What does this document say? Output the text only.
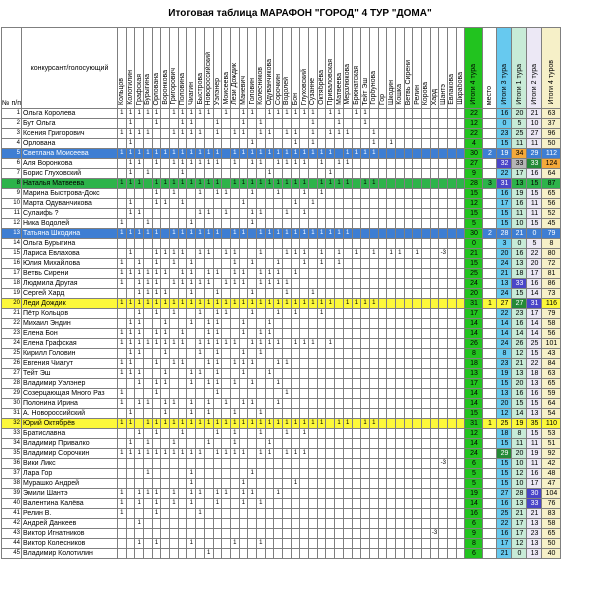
Итоговая таблица МАРАФОН "ГОРОД" 4 ТУР "ДОМА"
№ п/п	конкурсант/голосующий	Кольцов	Колотилин	Графская	Бурыгина	Орлована	Воронкова	Григорович	Половина	Чиагин	Быстрова	Новороссийский	Уэлэнер	Моисеева	Лези Дождик	Маневич	Головин	Колесников	Одуванчикова	Сорочкин	Водолей	Бон	Глуховский	Сузанне	Октябрёва	Приваловская	Матвеева	Мерзлюкова	Брюнатская	Тейт Эш	Горбунова	Гор	Шкодин	Кошка	Ветвь Сирени	Релин	Корова	Хард	Шантэ	Евлакова	Шкрабова	Итоги 4 тура	место	Итоги 3 тура	Итоги 1 тура	Итоги 2 тура	Итоги 4 туров
1	Ольга Королева	1	1	1	1	1		1	1	1	1	1		1		1	1		1	1	1	1	1	1		1	1		1	1												22		16	20	21	63
2	Бут Ольга		1			1			1	1			1			1		1						1			1			1												12		0	5	10	37
3	Ксения Григорович	1	1	1	1			1	1	1	1		1		1	1		1	1		1	1		1		1	1	1			1											22		23	25	27	96
4	Орлована		1														1					1		1							1		1									4		15	11	11	50
5	Светлана Моисеева	1	1	1	1	1	1	1	1	1	1	1	1		1	1	1	1	1	1	1	1	1	1	1	1		1	1	1	1											30	2	19	34	29	112
6	Аля Воронкова		1	1		1		1	1	1	1	1	1		1		1	1		1	1	1	1		1		1	1														27		32	33	33	124
7	Борис Глуховский		1		1				1										1							1																9		22	17	16	64
8	Наталья Матвеева	1	1	1		1	1	1	1	1	1	1	1		1	1	1	1	1	1	1	1	1		1	1	1	1		1	1											28	3	31	13	15	87
9	Марина Быстрова-Докс					1		1			1		1	1			1			1			1		1																	15		16	19	15	65
10	Марта Одуванчикова		1			1	1		1							1						1		1																		12		17	16	11	56
11	Сулаифь ?		1	1							1	1		1			1	1			1		1																			15		15	11	11	52
12	Ника Водолей	1			1					1							1																									5		15	10	15	45
13	Татьяна Шкодина	1	1	1	1	1		1	1	1	1	1	1		1	1		1	1	1	1	1	1	1	1	1	1	1														30	2	28	21	0	79
14	Ольга Бурыгина																																									0		3	0	5	8
15	Лариса Евлахова		1			1	1	1	1		1	1		1	1			1			1	1	1		1		1		1		1		1	1		1			-3			21		20	16	22	80
16	Юлия Михайлова	1		1		1		1		1					1		1			1			1		1		1															15		24	13	20	72
17	Ветвь Сирени	1	1	1	1	1	1		1	1		1	1		1	1		1	1	1		1																				25		21	18	17	81
18	Людмила Другая	1		1	1	1		1	1	1	1	1		1	1	1		1	1	1	1																					24		13	33	16	86
19	Сергей Хард			1	1	1	1			1			1				1				1			1																		20		24	15	14	73
20	Леди Дождик	1	1	1	1	1	1	1	1	1	1	1	1	1	1	1	1	1	1	1	1	1	1	1	1	1		1	1	1	1											31	1	27	27	31	116
21	Пётр Кольцов			1		1		1			1		1	1			1			1		1			1																	17		22	23	17	79
22	Михаил Эндин		1	1			1			1		1	1			1			1																							14		14	16	14	58
23	Елена Бон	1	1	1		1	1		1			1	1			1		1	1																							14		14	14	14	56
24	Елена Графская	1	1	1	1	1	1	1	1		1	1	1	1	1		1	1	1	1		1	1	1		1																26		24	26	25	101
25	Кирилл Головин		1	1			1				1		1			1		1																								8		8	12	15	43
26	Евгения Чиагут	1	1			1		1	1			1	1		1	1	1			1	1																					18		23	21	22	84
27	Тейт Эш	1	1	1			1			1	1		1			1			1																							13		19	13	18	63
28	Владимир Уэлэнер			1		1	1			1		1	1		1		1			1																						17		15	20	13	65
29	Созерцающая Много Раз	1				1							1								1																					14		13	16	16	59
30	Полонина Ирина	1		1	1		1	1		1		1		1		1	1			1																						14		20	15	15	64
31	А. Новороссийский		1				1			1		1			1			1																								15		12	14	13	54
32	Юрий Октябрёв	1	1		1	1	1	1	1	1	1	1	1	1	1	1	1	1	1	1	1	1	1	1	1		1	1		1	1											31	1	25	19	35	110
33	Братиславна			1		1			1				1		1			1			1		1																			12		18	8	15	53
34	Владимир Привалко		1		1			1				1			1				1																							14		15	11	11	51
35	Владимир Сорочкин	1	1	1	1	1	1	1	1	1	1		1	1	1	1		1	1		1	1	1																			24		29	20	19	92
36	Вики Ликс																																						-3			6		15	10	11	42
37	Лара Гор				1					1							1																									5		15	12	16	48
38	Мурашко Андрей									1						1						1																				5		15	10	17	47
39	Эмили Шантэ	1		1	1	1		1		1	1		1	1		1	1			1																						19		27	28	30	104
40	Валентина Калёва	1		1		1		1		1			1			1		1																								14		16	13	33	76
41	Релин В.	1				1					1																															16		25	21	21	83
42	Андрей Данкеев			1																																						6		22	17	13	58
43	Виктор Игнатников																																					-3				9		16	17	23	65
44	Виктор Колесников			1		1				1					1			1																								8		17	12	13	50
45	Владимир Колотилин											1																														6		21	0	13	40
